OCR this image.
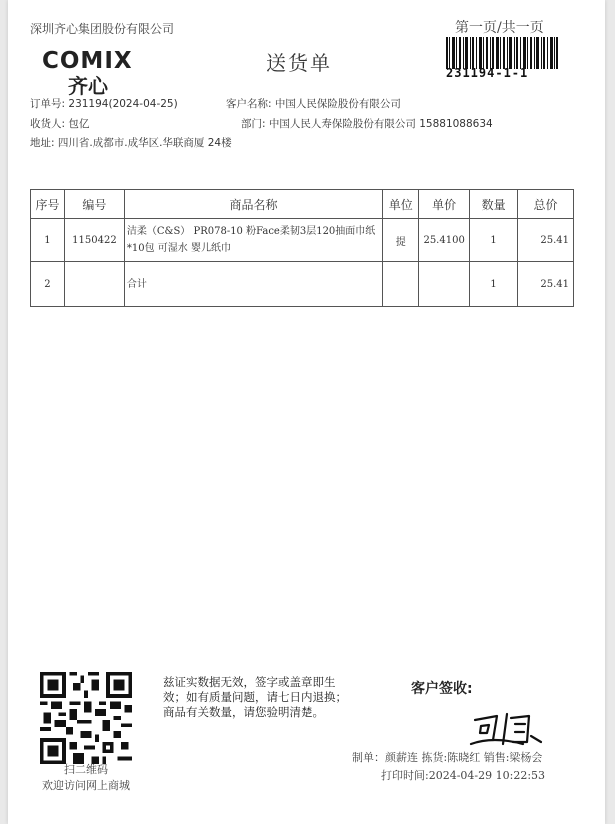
深圳齐心集团股份有限公司
COMIX
齐心
送货单
第一页/共一页
231194-1-1
订单号: 231194(2024-04-25)	客户名称: 中国人民保险股份有限公司
收货人: 包亿	部门: 中国人民人寿保险股份有限公司 15881088634
地址: 四川省.成都市.成华区.华联商厦 24楼
序号	编号	商品名称	单位	单价	数量	总价
1	1150422	洁柔（C&S） PR078-10 粉Face柔韧3层120抽面巾纸
*10包 可湿水 婴儿纸巾	提	25.4100	1	25.41
2		合计			1	25.41
扫二维码
欢迎访问网上商城
兹证实数据无效，签字或盖章即生
效；如有质量问题，请七日内退换；
商品有关数量，请您验明清楚。
客户签收:
制单：颜薪连 拣货:陈晓红 销售:梁杨会
打印时间:2024-04-29 10:22:53
